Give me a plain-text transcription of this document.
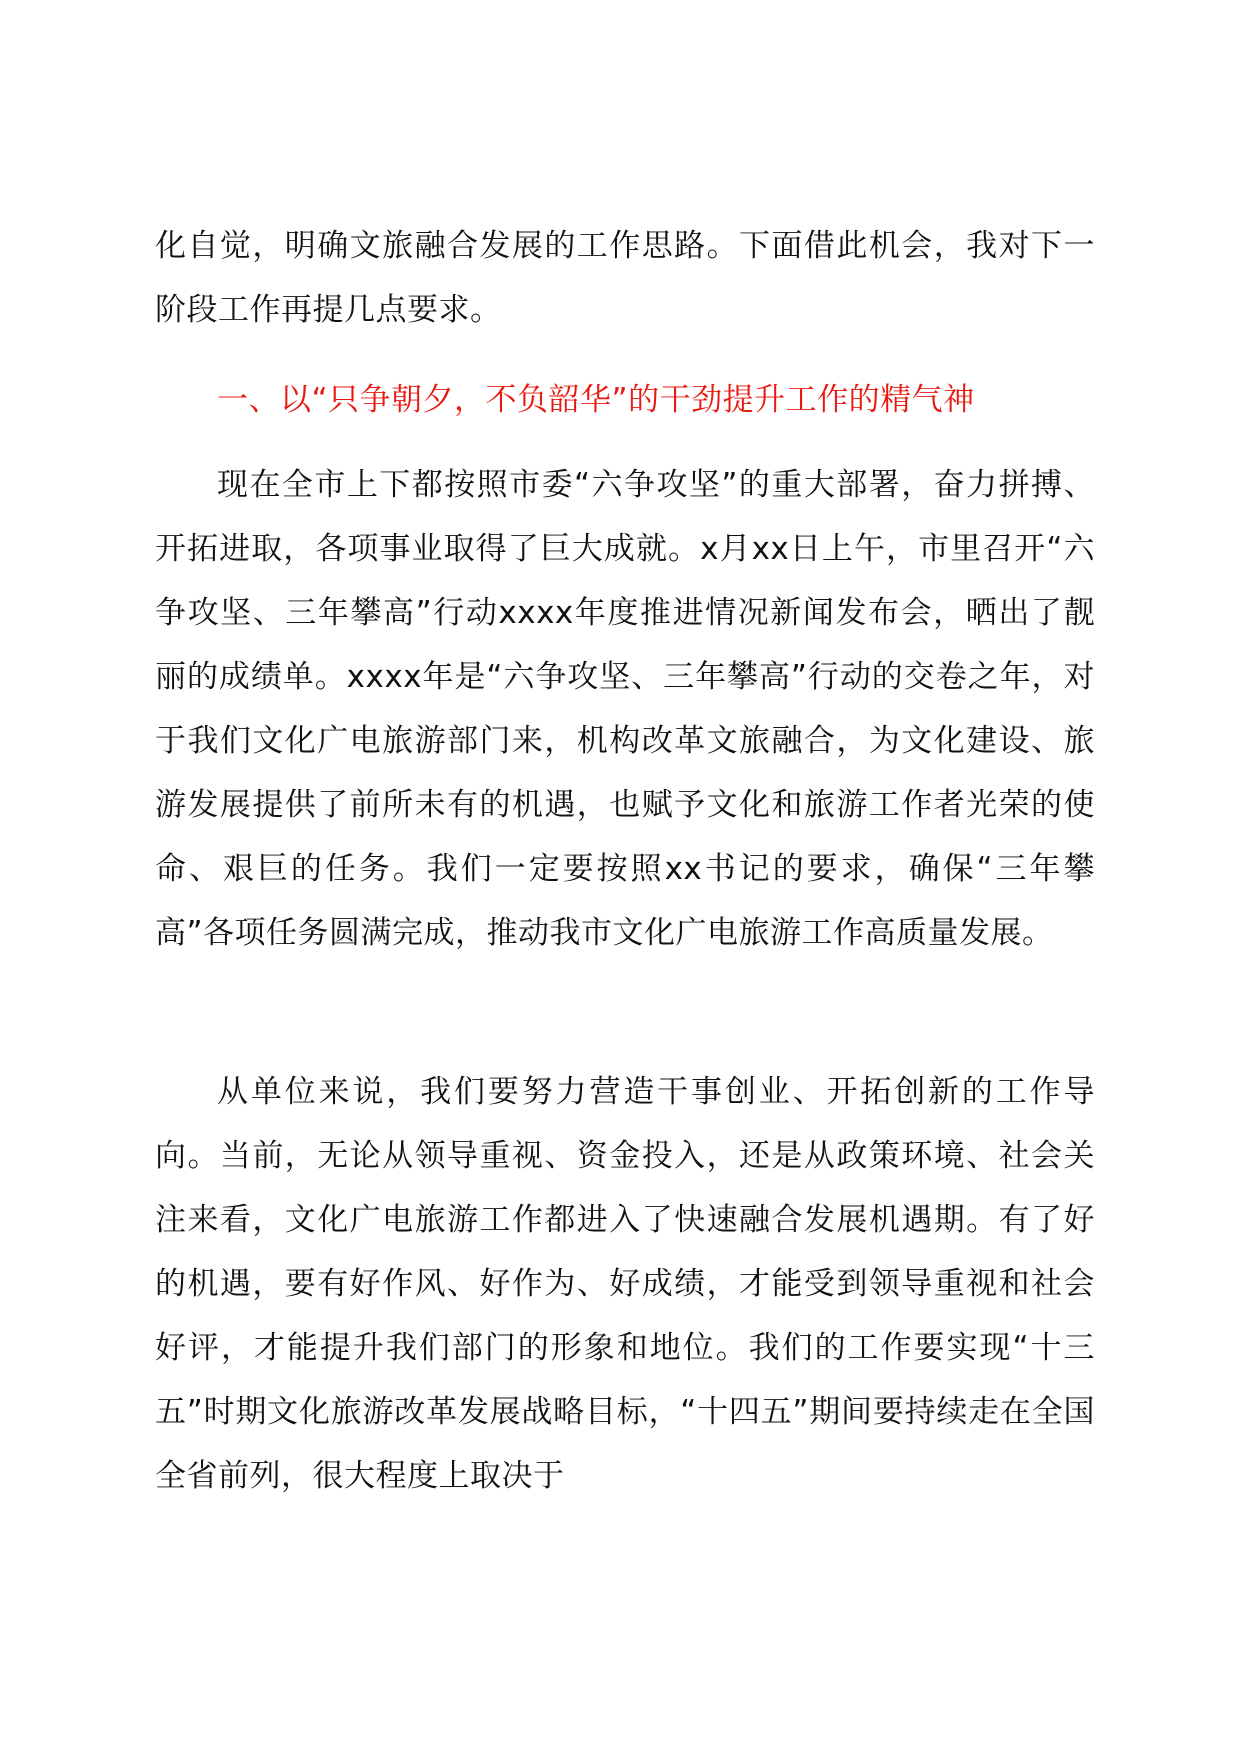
化自觉，明确文旅融合发展的工作思路。下面借此机会，我对下一阶段工作再提几点要求。

一、以“只争朝夕，不负韶华”的干劲提升工作的精气神

现在全市上下都按照市委“六争攻坚”的重大部署，奋力拼搏、开拓进取，各项事业取得了巨大成就。x月xx日上午，市里召开“六争攻坚、三年攀高”行动xxxx年度推进情况新闻发布会，晒出了靓丽的成绩单。xxxx年是“六争攻坚、三年攀高”行动的交卷之年，对于我们文化广电旅游部门来，机构改革文旅融合，为文化建设、旅游发展提供了前所未有的机遇，也赋予文化和旅游工作者光荣的使命、艰巨的任务。我们一定要按照xx书记的要求，确保“三年攀高”各项任务圆满完成，推动我市文化广电旅游工作高质量发展。

从单位来说，我们要努力营造干事创业、开拓创新的工作导向。当前，无论从领导重视、资金投入，还是从政策环境、社会关注来看，文化广电旅游工作都进入了快速融合发展机遇期。有了好的机遇，要有好作风、好作为、好成绩，才能受到领导重视和社会好评，才能提升我们部门的形象和地位。我们的工作要实现“十三五”时期文化旅游改革发展战略目标，“十四五”期间要持续走在全国全省前列，很大程度上取决于
